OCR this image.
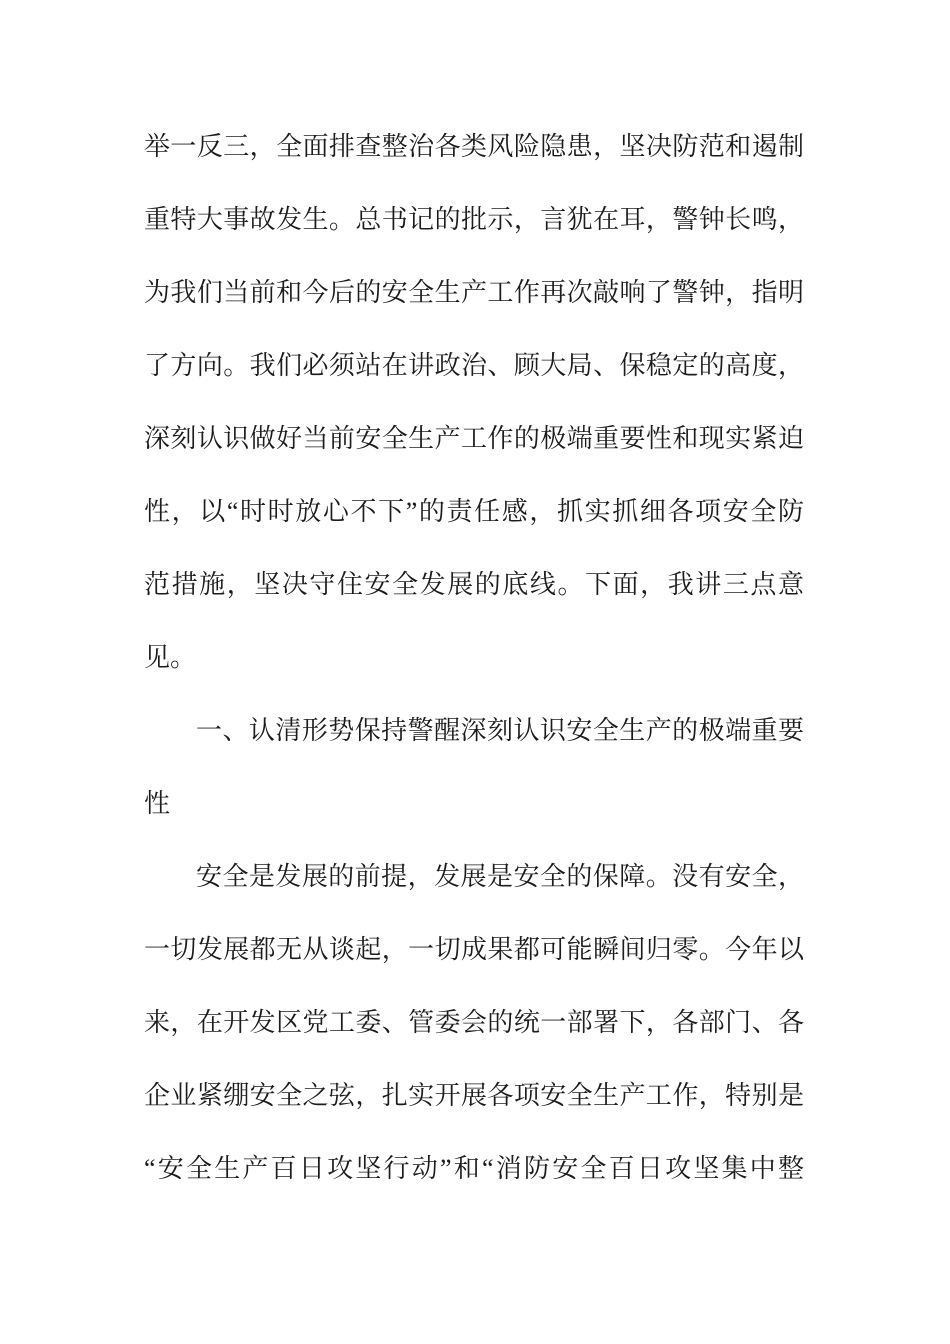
举一反三，全面排查整治各类风险隐患，坚决防范和遏制
重特大事故发生。总书记的批示，言犹在耳，警钟长鸣，
为我们当前和今后的安全生产工作再次敲响了警钟，指明
了方向。我们必须站在讲政治、顾大局、保稳定的高度，
深刻认识做好当前安全生产工作的极端重要性和现实紧迫
性，以“时时放心不下”的责任感，抓实抓细各项安全防
范措施，坚决守住安全发展的底线。下面，我讲三点意
见。
一、认清形势保持警醒深刻认识安全生产的极端重要
性
安全是发展的前提，发展是安全的保障。没有安全，
一切发展都无从谈起，一切成果都可能瞬间归零。今年以
来，在开发区党工委、管委会的统一部署下，各部门、各
企业紧绷安全之弦，扎实开展各项安全生产工作，特别是
“安全生产百日攻坚行动”和“消防安全百日攻坚集中整
